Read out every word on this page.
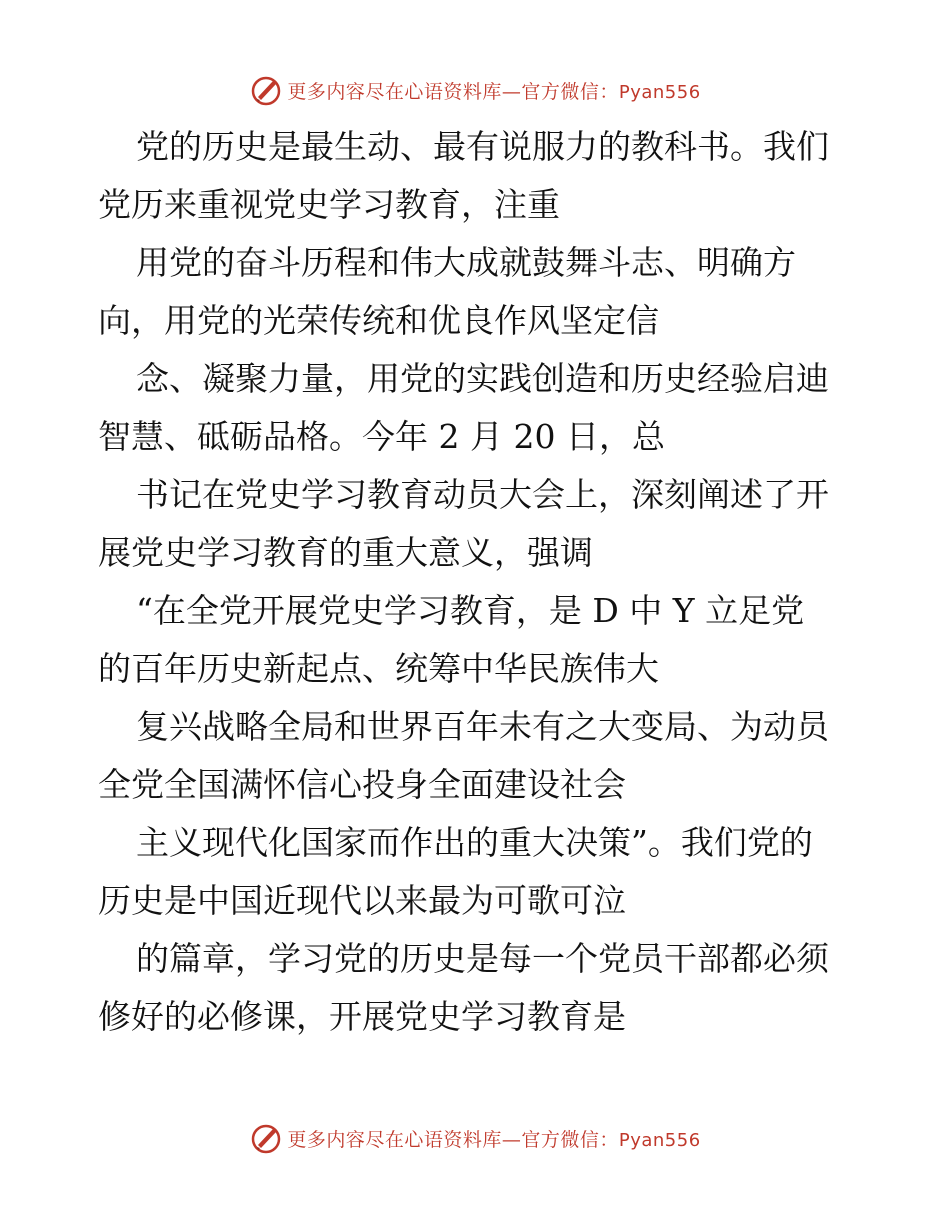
更多内容尽在心语资料库—官方微信：Pyan556
党的历史是最生动、最有说服力的教科书。我们
党历来重视党史学习教育，注重
用党的奋斗历程和伟大成就鼓舞斗志、明确方
向，用党的光荣传统和优良作风坚定信
念、凝聚力量，用党的实践创造和历史经验启迪
智慧、砥砺品格。今年 2 月 20 日，总
书记在党史学习教育动员大会上，深刻阐述了开
展党史学习教育的重大意义，强调
“在全党开展党史学习教育，是 D 中 Y 立足党
的百年历史新起点、统筹中华民族伟大
复兴战略全局和世界百年未有之大变局、为动员
全党全国满怀信心投身全面建设社会
主义现代化国家而作出的重大决策”。我们党的
历史是中国近现代以来最为可歌可泣
的篇章，学习党的历史是每一个党员干部都必须
修好的必修课，开展党史学习教育是
更多内容尽在心语资料库—官方微信：Pyan556
